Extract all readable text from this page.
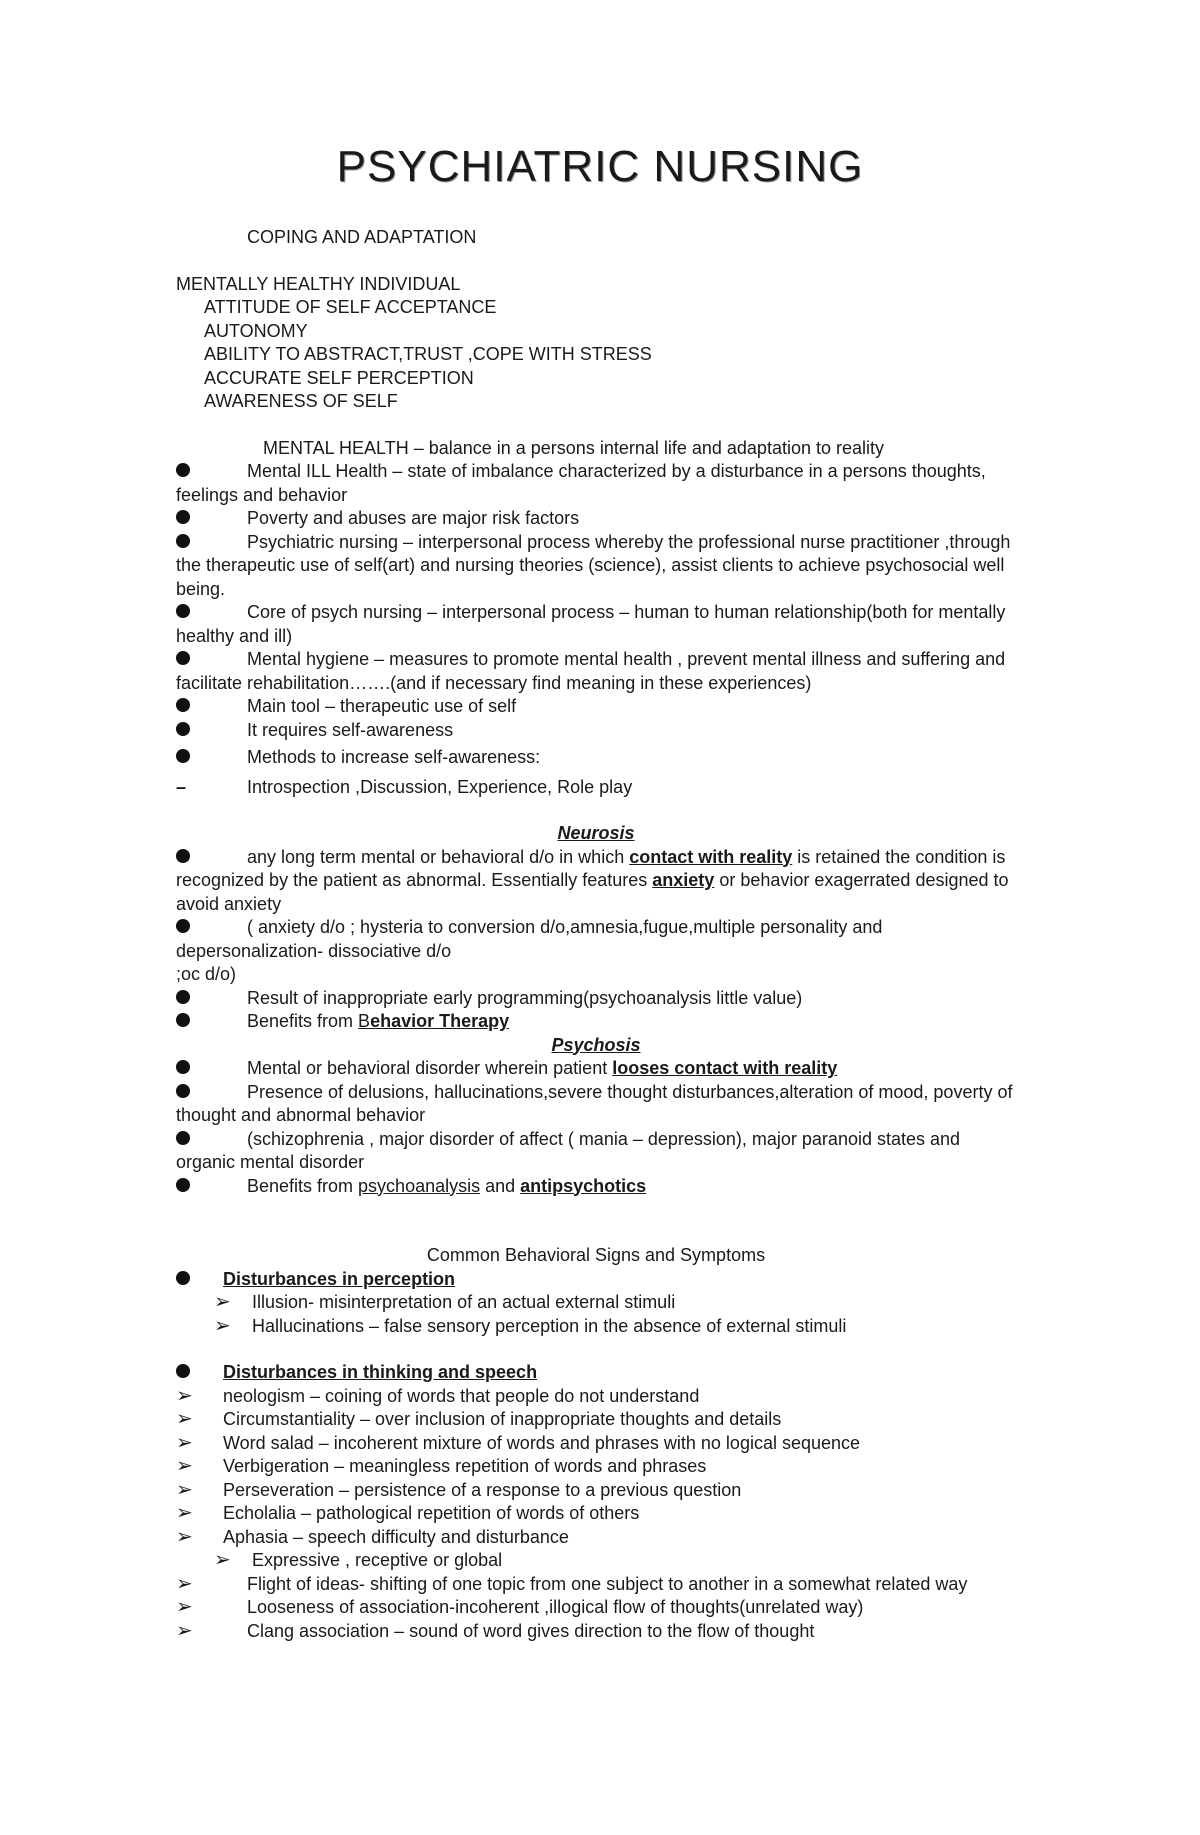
PSYCHIATRIC NURSING

COPING AND ADAPTATION

MENTALLY HEALTHY INDIVIDUAL

ATTITUDE OF SELF ACCEPTANCE

AUTONOMY

ABILITY TO ABSTRACT,TRUST ,COPE WITH STRESS

ACCURATE SELF PERCEPTION

AWARENESS OF SELF

MENTAL HEALTH – balance in a persons internal life and adaptation to reality

Mental ILL Health – state of imbalance characterized by a disturbance in a persons thoughts, feelings and behavior

Poverty and abuses are major risk factors

Psychiatric nursing – interpersonal process whereby the professional nurse practitioner ,through the therapeutic use of self(art) and nursing theories (science), assist clients to achieve psychosocial well being.

Core of psych nursing – interpersonal process – human to human relationship(both for mentally healthy and ill)

Mental hygiene – measures to promote mental health , prevent mental illness and suffering and facilitate rehabilitation…….(and if necessary find meaning in these experiences)

Main tool – therapeutic use of self

It requires self-awareness

Methods to increase self-awareness:

–	Introspection ,Discussion, Experience, Role play

Neurosis

any long term mental or behavioral d/o in which contact with reality is retained the condition is recognized by the patient as abnormal. Essentially features anxiety or behavior exagerrated designed to avoid anxiety

( anxiety d/o ; hysteria to conversion d/o,amnesia,fugue,multiple personality and depersonalization- dissociative d/o

;oc d/o)

Result of inappropriate early programming(psychoanalysis little value)

Benefits from Behavior Therapy

Psychosis

Mental or behavioral disorder wherein patient looses contact with reality

Presence of delusions, hallucinations,severe thought disturbances,alteration of mood, poverty of thought and abnormal behavior

(schizophrenia , major disorder of affect ( mania – depression), major paranoid states and organic mental disorder

Benefits from psychoanalysis and antipsychotics

Common Behavioral Signs and Symptoms

Disturbances in perception

➢ Illusion- misinterpretation of an actual external stimuli

➢ Hallucinations – false sensory perception in the absence of external stimuli

Disturbances in thinking and speech

➢ neologism – coining of words that people do not understand

➢ Circumstantiality – over inclusion of inappropriate thoughts and details

➢ Word salad – incoherent mixture of words and phrases with no logical sequence

➢ Verbigeration – meaningless repetition of words and phrases

➢ Perseveration – persistence of a response to a previous question

➢ Echolalia – pathological repetition of words of others

➢ Aphasia – speech difficulty and disturbance

➢ Expressive , receptive or global

➢	Flight of ideas- shifting of one topic from one subject to another in a somewhat related way

➢	Looseness of association-incoherent ,illogical flow of thoughts(unrelated way)

➢	Clang association – sound of word gives direction to the flow of thought
